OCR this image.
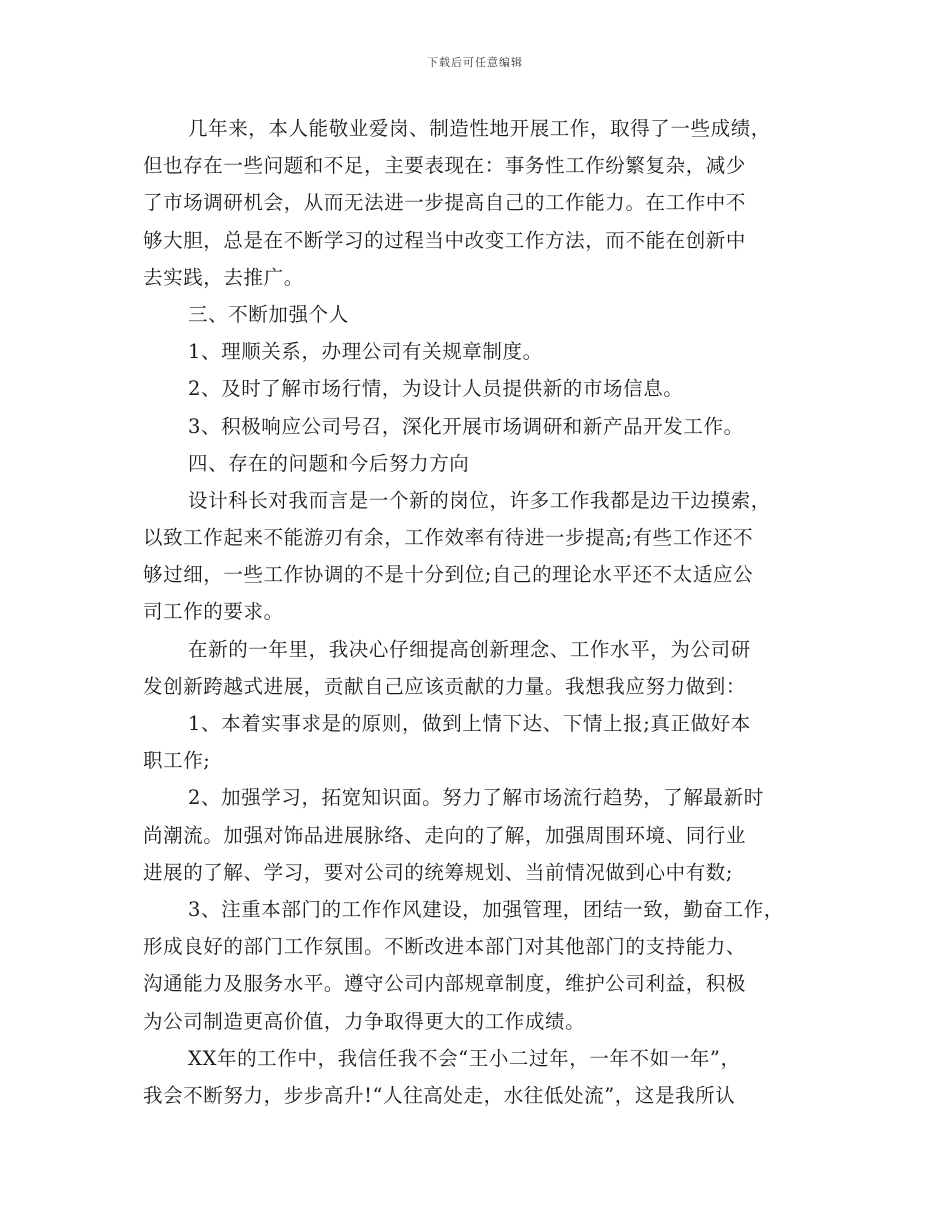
下载后可任意编辑
几年来，本人能敬业爱岗、制造性地开展工作，取得了一些成绩，
但也存在一些问题和不足，主要表现在：事务性工作纷繁复杂，减少
了市场调研机会，从而无法进一步提高自己的工作能力。在工作中不
够大胆，总是在不断学习的过程当中改变工作方法，而不能在创新中
去实践，去推广。
三、不断加强个人
1、理顺关系，办理公司有关规章制度。
2、及时了解市场行情，为设计人员提供新的市场信息。
3、积极响应公司号召，深化开展市场调研和新产品开发工作。
四、存在的问题和今后努力方向
设计科长对我而言是一个新的岗位，许多工作我都是边干边摸索，
以致工作起来不能游刃有余，工作效率有待进一步提高;有些工作还不
够过细，一些工作协调的不是十分到位;自己的理论水平还不太适应公
司工作的要求。
在新的一年里，我决心仔细提高创新理念、工作水平，为公司研
发创新跨越式进展，贡献自己应该贡献的力量。我想我应努力做到：
1、本着实事求是的原则，做到上情下达、下情上报;真正做好本
职工作;
2、加强学习，拓宽知识面。努力了解市场流行趋势，了解最新时
尚潮流。加强对饰品进展脉络、走向的了解，加强周围环境、同行业
进展的了解、学习，要对公司的统筹规划、当前情况做到心中有数;
3、注重本部门的工作作风建设，加强管理，团结一致，勤奋工作，
形成良好的部门工作氛围。不断改进本部门对其他部门的支持能力、
沟通能力及服务水平。遵守公司内部规章制度，维护公司利益，积极
为公司制造更高价值，力争取得更大的工作成绩。
XX年的工作中，我信任我不会“王小二过年，一年不如一年”，
我会不断努力，步步高升!“人往高处走，水往低处流”，这是我所认
